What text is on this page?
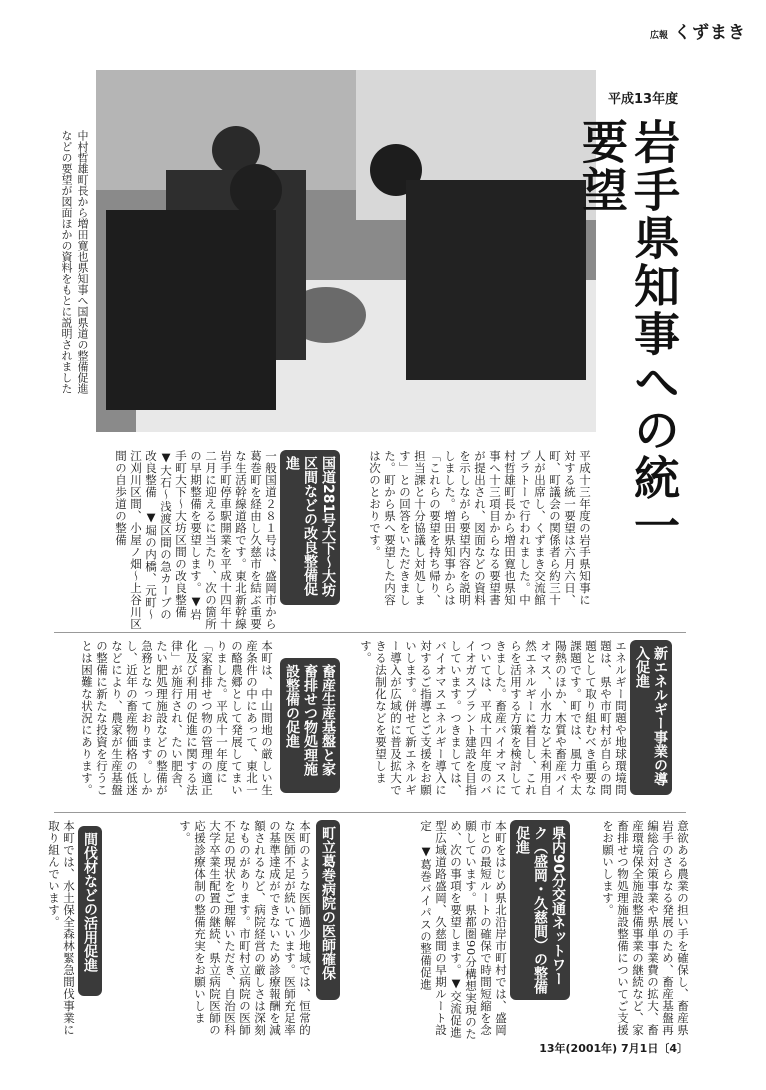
広報 くずまき
中村哲雄町長から増田寛也県知事へ国県道の整備促進などの要望が図面ほかの資料をもとに説明されました
平成13年度
岩手県知事への統一要望
平成十三年度の岩手県知事に対する統一要望は六月六日、町、町議会の関係者ら約三十人が出席し、くずまき交流館プラトーで行われました。中村哲雄町長から増田寛也県知事へ十三項目からなる要望書が提出され、図面などの資料を示しながら要望内容を説明しました。増田県知事からは「これらの要望を持ち帰り、担当課と十分協議し対処します」との回答をいただきました。町から県へ要望した内容は次のとおりです。
国道281号大下～大坊区間などの改良整備促進
一般国道２８１号は、盛岡市から葛巻町を経由し久慈市を結ぶ重要な生活幹線道路です。東北新幹線岩手町停車駅開業を平成十四年十二月に迎えるに当たり、次の箇所の早期整備を要望します。▼岩手町大下～大坊区間の改良整備　▼大石～浅渡区間の急カーブの改良整備　▼堀の内橋、元町～江刈川区間、小屋ノ畑～上谷川区間の自歩道の整備
新エネルギー事業の導入促進
エネルギー問題や地球環境問題は、県や市町村が自らの問題として取り組むべき重要な課題です。町では、風力や太陽熱のほか、木質や畜産バイオマス、小水力など未利用自然エネルギーに着目し、これらを活用する方策を検討してきました。畜産バイオマスについては、平成十四年度のバイオガスプラント建設を目指しています。つきましては、バイオマスエネルギー導入に対するご指導とご支援をお願いします。併せて新エネルギー導入が広域的に普及拡大できる法制化などを要望します。
畜産生産基盤と家畜排せつ物処理施設整備の促進
本町は、中山間地の厳しい生産条件の中にあって、東北一の酪農郷として発展してまいりました。平成十一年度に「家畜排せつ物の管理の適正化及び利用の促進に関する法律」が施行され、たい肥舎、たい肥処理施設などの整備が急務となっております。しかし、近年の畜産物価格の低迷などにより、農家が生産基盤の整備に新たな投資を行うことは困難な状況にあります。
意欲ある農業の担い手を確保し、畜産県岩手のさらなる発展のため、畜産基盤再編総合対策事業や県単事業費の拡大、畜産環境保全施設整備事業の継続など、家畜排せつ物処理施設整備についてご支援をお願いします。
県内90分交通ネットワーク（盛岡・久慈間）の整備促進
本町をはじめ県北沿岸市町村では、盛岡市との最短ルートの確保で時間短縮を念願しています。県都圏90分構想実現のため、次の事項を要望します。▼交流促進型広域道路盛岡、久慈間の早期ルート設定　▼葛巻バイパスの整備促進
町立葛巻病院の医師確保
本町のような医師過少地域では、恒常的な医師不足が続いています。医師充足率の基準達成ができないため診療報酬を減額されるなど、病院経営の厳しさは深刻なものがあります。市町村立病院の医師不足の現状をご理解いただき、自治医科大学卒業生配置の継続、県立病院医師の応援診療体制の整備充実をお願いします。
間伐材などの活用促進
本町では、水土保全森林緊急間伐事業に取り組んでいます。
13年(2001年) 7月1日〔4〕
